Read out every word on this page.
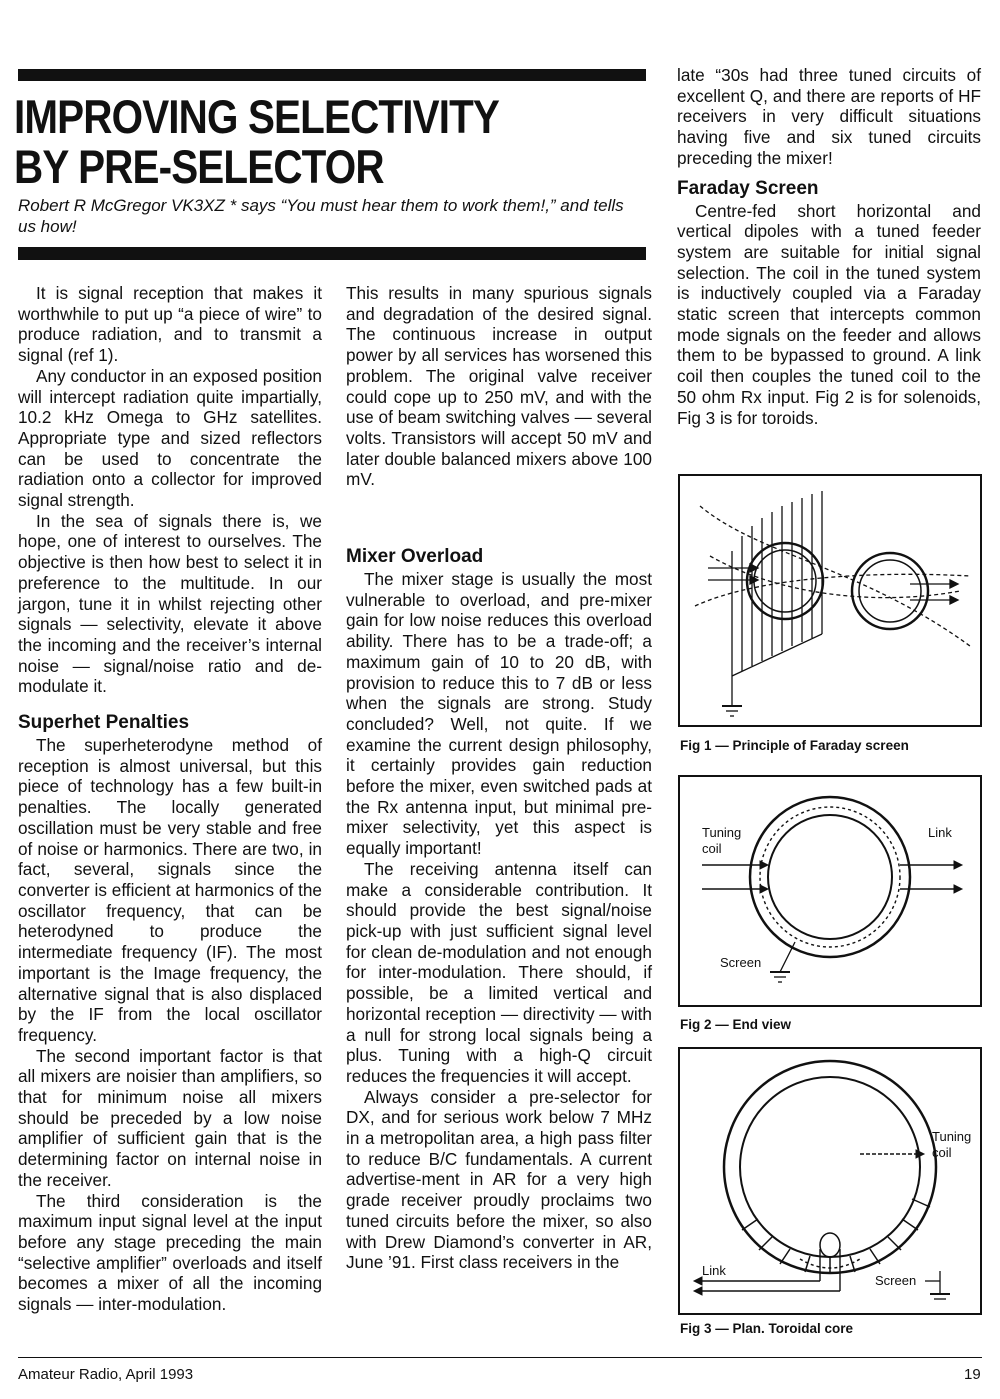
IMPROVING SELECTIVITY BY PRE-SELECTOR

Robert R McGregor VK3XZ * says “You must hear them to work them!,” and tells us how!

It is signal reception that makes it worthwhile to put up “a piece of wire” to produce radiation, and to transmit a signal (ref 1).

Any conductor in an exposed position will intercept radiation quite impartially, 10.2 kHz Omega to GHz satellites. Appropriate type and sized reflectors can be used to concentrate the radiation onto a collector for improved signal strength.

In the sea of signals there is, we hope, one of interest to ourselves. The objective is then how best to select it in preference to the multitude. In our jargon, tune it in whilst rejecting other signals — selectivity, elevate it above the incoming and the receiver’s internal noise — signal/noise ratio and de-modulate it.

Superhet Penalties

The superheterodyne method of reception is almost universal, but this piece of technology has a few built-in penalties. The locally generated oscillation must be very stable and free of noise or harmonics. There are two, in fact, several, signals since the converter is efficient at harmonics of the oscillator frequency, that can be heterodyned to produce the intermediate frequency (IF). The most important is the Image frequency, the alternative signal that is also displaced by the IF from the local oscillator frequency.

The second important factor is that all mixers are noisier than amplifiers, so that for minimum noise all mixers should be preceded by a low noise amplifier of sufficient gain that is the determining factor on internal noise in the receiver.

The third consideration is the maximum input signal level at the input before any stage preceding the main “selective amplifier” overloads and itself becomes a mixer of all the incoming signals — inter-modulation.

This results in many spurious signals and degradation of the desired signal. The continuous increase in output power by all services has worsened this problem. The original valve receiver could cope up to 250 mV, and with the use of beam switching valves — several volts. Transistors will accept 50 mV and later double balanced mixers above 100 mV.

Mixer Overload

The mixer stage is usually the most vulnerable to overload, and pre-mixer gain for low noise reduces this overload ability. There has to be a trade-off; a maximum gain of 10 to 20 dB, with provision to reduce this to 7 dB or less when the signals are strong. Study concluded? Well, not quite. If we examine the current design philosophy, it certainly provides gain reduction before the mixer, even switched pads at the Rx antenna input, but minimal pre-mixer selectivity, yet this aspect is equally important!

The receiving antenna itself can make a considerable contribution. It should provide the best signal/noise pick-up with just sufficient signal level for clean de-modulation and not enough for inter-modulation. There should, if possible, be a limited vertical and horizontal reception — directivity — with a null for strong local signals being a plus. Tuning with a high-Q circuit reduces the frequencies it will accept.

Always consider a pre-selector for DX, and for serious work below 7 MHz in a metropolitan area, a high pass filter to reduce B/C fundamentals. A current advertise-ment in AR for a very high grade receiver proudly proclaims two tuned circuits before the mixer, so also with Drew Diamond’s converter in AR, June ’91. First class receivers in the

late “30s had three tuned circuits of excellent Q, and there are reports of HF receivers in very difficult situations having five and six tuned circuits preceding the mixer!

Faraday Screen

Centre-fed short horizontal and vertical dipoles with a tuned feeder system are suitable for initial signal selection. The coil in the tuned system is inductively coupled via a Faraday static screen that intercepts common mode signals on the feeder and allows them to be bypassed to ground. A link coil then couples the tuned coil to the 50 ohm Rx input. Fig 2 is for solenoids, Fig 3 is for toroids.

Fig 1 — Principle of Faraday screen
Tuning
coil
Link
Screen
Fig 2 — End view
Tuning
coil
Link
Screen
Fig 3 — Plan. Toroidal core
Amateur Radio, April 1993	19
